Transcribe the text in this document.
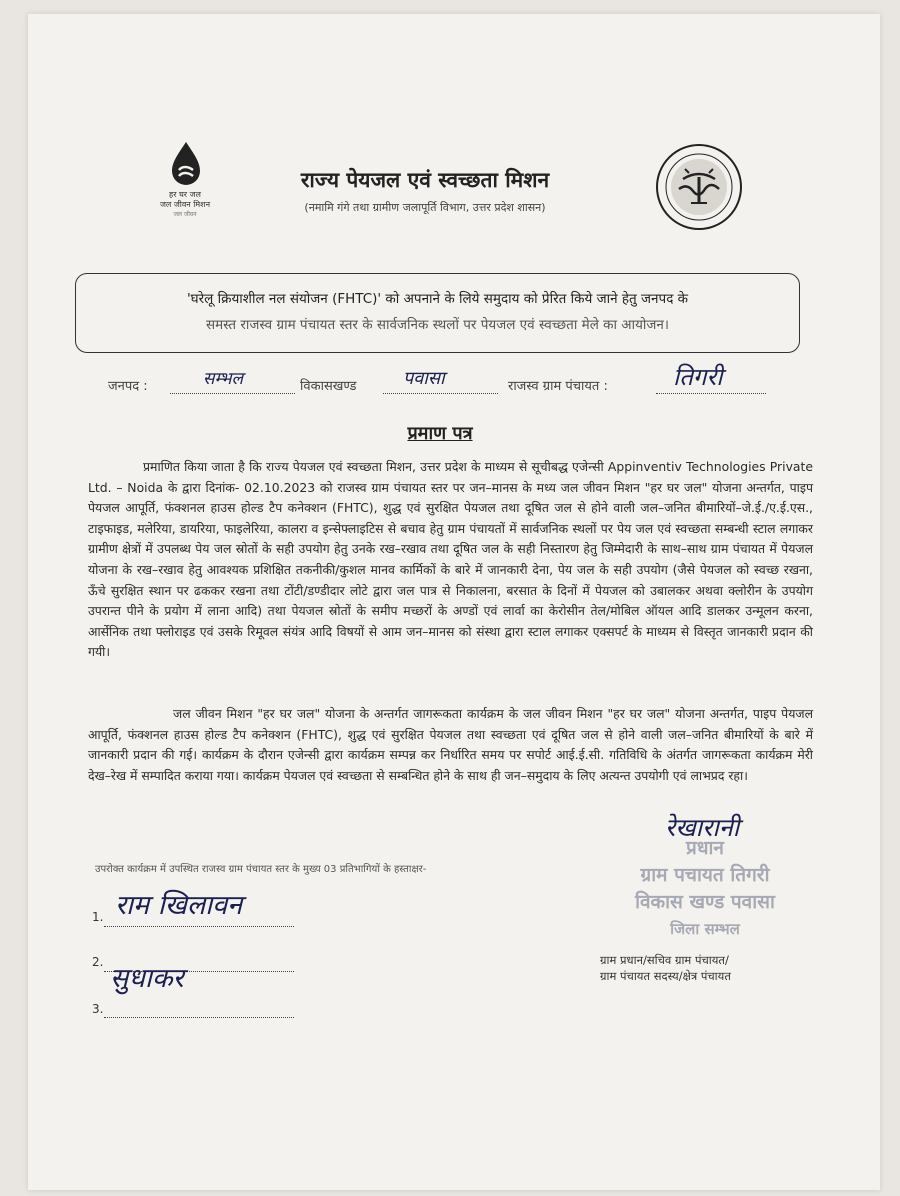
हर घर जल
जल जीवन मिशन
जल जीवन
राज्य पेयजल एवं स्वच्छता मिशन
(नमामि गंगे तथा ग्रामीण जलापूर्ति विभाग, उत्तर प्रदेश शासन)

'घरेलू क्रियाशील नल संयोजन (FHTC)' को अपनाने के लिये समुदाय को प्रेरित किये जाने हेतु जनपद के

समस्त राजस्व ग्राम पंचायत स्तर के सार्वजनिक स्थलों पर पेयजल एवं स्वच्छता मेले का आयोजन।

जनपद :	सम्भल	विकासखण्ड	पवासा	राजस्व ग्राम पंचायत :	तिगरी
प्रमाण पत्र
प्रमाणित किया जाता है कि राज्य पेयजल एवं स्वच्छता मिशन, उत्तर प्रदेश के माध्यम से सूचीबद्ध एजेन्सी Appinventiv Technologies Private Ltd. – Noida के द्वारा दिनांक- 02.10.2023 को राजस्व ग्राम पंचायत स्तर पर जन–मानस के मध्य जल जीवन मिशन "हर घर जल" योजना अन्तर्गत, पाइप पेयजल आपूर्ति, फंक्शनल हाउस होल्ड टैप कनेक्शन (FHTC), शुद्ध एवं सुरक्षित पेयजल तथा दूषित जल से होने वाली जल–जनित बीमारियों–जे.ई./ए.ई.एस., टाइफाइड, मलेरिया, डायरिया, फाइलेरिया, कालरा व इन्सेफ्लाइटिस से बचाव हेतु ग्राम पंचायतों में सार्वजनिक स्थलों पर पेय जल एवं स्वच्छता सम्बन्धी स्टाल लगाकर ग्रामीण क्षेत्रों में उपलब्ध पेय जल स्रोतों के सही उपयोग हेतु उनके रख–रखाव तथा दूषित जल के सही निस्तारण हेतु जिम्मेदारी के साथ–साथ ग्राम पंचायत में पेयजल योजना के रख–रखाव हेतु आवश्यक प्रशिक्षित तकनीकी/कुशल मानव कार्मिकों के बारे में जानकारी देना, पेय जल के सही उपयोग (जैसे पेयजल को स्वच्छ रखना, ऊँचे सुरक्षित स्थान पर ढककर रखना तथा टोंटी/डण्डीदार लोटे द्वारा जल पात्र से निकालना, बरसात के दिनों में पेयजल को उबालकर अथवा क्लोरीन के उपयोग उपरान्त पीने के प्रयोग में लाना आदि) तथा पेयजल स्रोतों के समीप मच्छरों के अण्डों एवं लार्वा का केरोसीन तेल/मोबिल ऑयल आदि डालकर उन्मूलन करना, आर्सेनिक तथा फ्लोराइड एवं उसके रिमूवल संयंत्र आदि विषयों से आम जन–मानस को संस्था द्वारा स्टाल लगाकर एक्सपर्ट के माध्यम से विस्तृत जानकारी प्रदान की गयी।
जल जीवन मिशन "हर घर जल" योजना के अन्तर्गत जागरूकता कार्यक्रम के जल जीवन मिशन "हर घर जल" योजना अन्तर्गत, पाइप पेयजल आपूर्ति, फंक्शनल हाउस होल्ड टैप कनेक्शन (FHTC), शुद्ध एवं सुरक्षित पेयजल तथा स्वच्छता एवं दूषित जल से होने वाली जल–जनित बीमारियों के बारे में जानकारी प्रदान की गई। कार्यक्रम के दौरान एजेन्सी द्वारा कार्यक्रम सम्पन्न कर निर्धारित समय पर सपोर्ट आई.ई.सी. गतिविधि के अंतर्गत जागरूकता कार्यक्रम मेरी देख–रेख में सम्पादित कराया गया। कार्यक्रम पेयजल एवं स्वच्छता से सम्बन्धित होने के साथ ही जन–समुदाय के लिए अत्यन्त उपयोगी एवं लाभप्रद रहा।
रेखारानी
प्रधान
ग्राम पचायत तिगरी
विकास खण्ड पवासा
जिला सम्भल
ग्राम प्रधान/सचिव ग्राम पंचायत/
ग्राम पंचायत सदस्य/क्षेत्र पंचायत
उपरोक्त कार्यक्रम में उपस्थित राजस्व ग्राम पंचायत स्तर के मुख्य 03 प्रतिभागियों के हस्ताक्षर-
1. राम खिलावन
2.
सुधाकर
3.
